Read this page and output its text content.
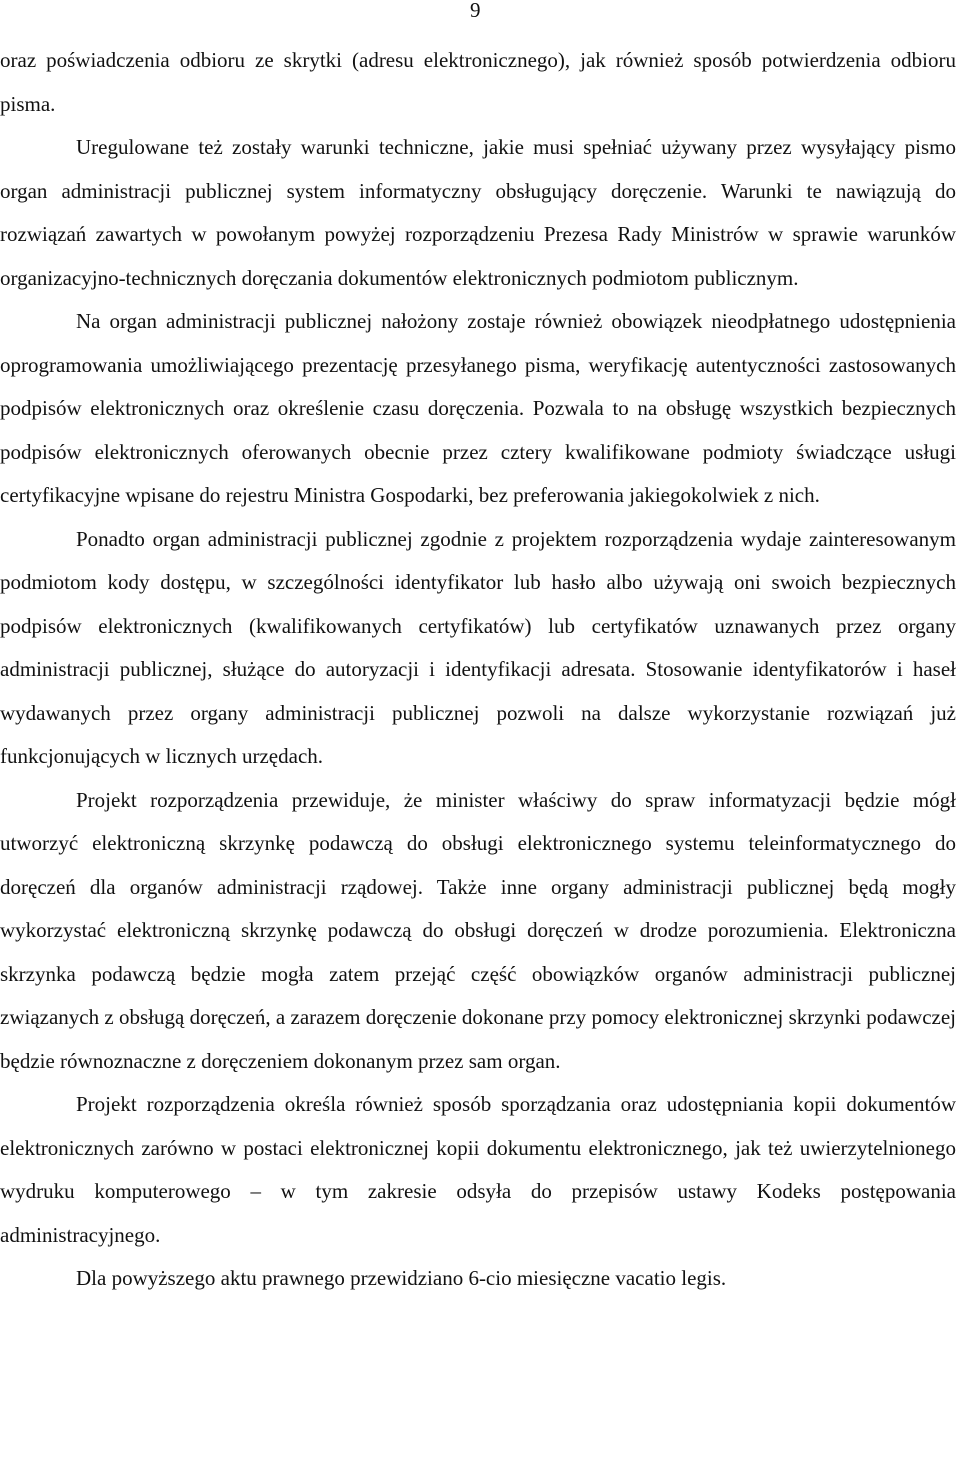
9

oraz poświadczenia odbioru ze skrytki (adresu elektronicznego), jak również sposób potwierdzenia odbioru pisma.

Uregulowane też zostały warunki techniczne, jakie musi spełniać używany przez wysyłający pismo organ administracji publicznej system informatyczny obsługujący doręczenie. Warunki te nawiązują do rozwiązań zawartych w powołanym powyżej rozporządzeniu Prezesa Rady Ministrów w sprawie warunków organizacyjno-technicznych doręczania dokumentów elektronicznych podmiotom publicznym.

Na organ administracji publicznej nałożony zostaje również obowiązek nieodpłatnego udostępnienia oprogramowania umożliwiającego prezentację przesyłanego pisma, weryfikację autentyczności zastosowanych podpisów elektronicznych oraz określenie czasu doręczenia. Pozwala to na obsługę wszystkich bezpiecznych podpisów elektronicznych oferowanych obecnie przez cztery kwalifikowane podmioty świadczące usługi certyfikacyjne wpisane do rejestru Ministra Gospodarki, bez preferowania jakiegokolwiek z nich.

Ponadto organ administracji publicznej zgodnie z projektem rozporządzenia wydaje zainteresowanym podmiotom kody dostępu, w szczególności identyfikator lub hasło albo używają oni swoich bezpiecznych podpisów elektronicznych (kwalifikowanych certyfikatów) lub certyfikatów uznawanych przez organy administracji publicznej, służące do autoryzacji i identyfikacji adresata. Stosowanie identyfikatorów i haseł wydawanych przez organy administracji publicznej pozwoli na dalsze wykorzystanie rozwiązań już funkcjonujących w licznych urzędach.

Projekt rozporządzenia przewiduje, że minister właściwy do spraw informatyzacji będzie mógł utworzyć elektroniczną skrzynkę podawczą do obsługi elektronicznego systemu teleinformatycznego do doręczeń dla organów administracji rządowej. Także inne organy administracji publicznej będą mogły wykorzystać elektroniczną skrzynkę podawczą do obsługi doręczeń w drodze porozumienia. Elektroniczna skrzynka podawczą będzie mogła zatem przejąć część obowiązków organów administracji publicznej związanych z obsługą doręczeń, a zarazem doręczenie dokonane przy pomocy elektronicznej skrzynki podawczej będzie równoznaczne z doręczeniem dokonanym przez sam organ.

Projekt rozporządzenia określa również sposób sporządzania oraz udostępniania kopii dokumentów elektronicznych zarówno w postaci elektronicznej kopii dokumentu elektronicznego, jak też uwierzytelnionego wydruku komputerowego – w tym zakresie odsyła do przepisów ustawy Kodeks postępowania administracyjnego.

Dla powyższego aktu prawnego przewidziano 6-cio miesięczne vacatio legis.
